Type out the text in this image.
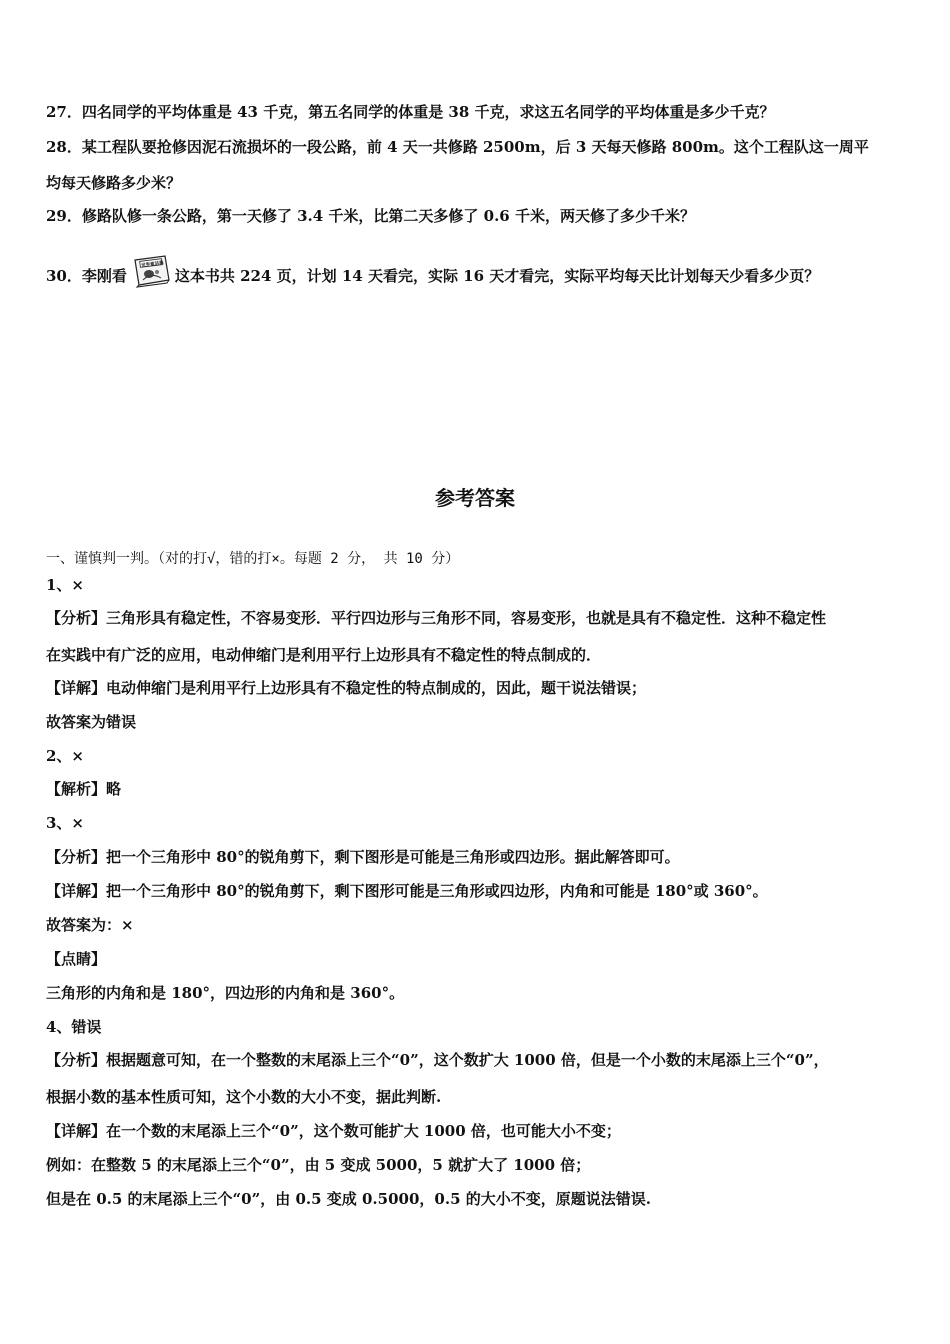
27．四名同学的平均体重是 43 千克，第五名同学的体重是 38 千克，求这五名同学的平均体重是多少千克？
28．某工程队要抢修因泥石流损坏的一段公路，前 4 天一共修路 2500m，后 3 天每天修路 800m。这个工程队这一周平
均每天修路多少米？
29．修路队修一条公路，第一天修了 3.4 千米，比第二天多修了 0.6 千米，两天修了多少千米？
30．李刚看
世界童话集
这本书共 224 页，计划 14 天看完，实际 16 天才看完，实际平均每天比计划每天少看多少页？
参考答案
一、谨慎判一判。（对的打√，错的打×。每题 2 分， 共 10 分）
1、×
【分析】三角形具有稳定性，不容易变形．平行四边形与三角形不同，容易变形，也就是具有不稳定性．这种不稳定性
在实践中有广泛的应用，电动伸缩门是利用平行上边形具有不稳定性的特点制成的．
【详解】电动伸缩门是利用平行上边形具有不稳定性的特点制成的，因此，题干说法错误；
故答案为错误
2、×
【解析】略
3、×
【分析】把一个三角形中 80°的锐角剪下，剩下图形是可能是三角形或四边形。据此解答即可。
【详解】把一个三角形中 80°的锐角剪下，剩下图形可能是三角形或四边形，内角和可能是 180°或 360°。
故答案为：×
【点睛】
三角形的内角和是 180°，四边形的内角和是 360°。
4、错误
【分析】根据题意可知，在一个整数的末尾添上三个“0”，这个数扩大 1000 倍，但是一个小数的末尾添上三个“0”，
根据小数的基本性质可知，这个小数的大小不变，据此判断.
【详解】在一个数的末尾添上三个“0”，这个数可能扩大 1000 倍，也可能大小不变；
例如：在整数 5 的末尾添上三个“0”，由 5 变成 5000，5 就扩大了 1000 倍；
但是在 0.5 的末尾添上三个“0”，由 0.5 变成 0.5000，0.5 的大小不变，原题说法错误.
